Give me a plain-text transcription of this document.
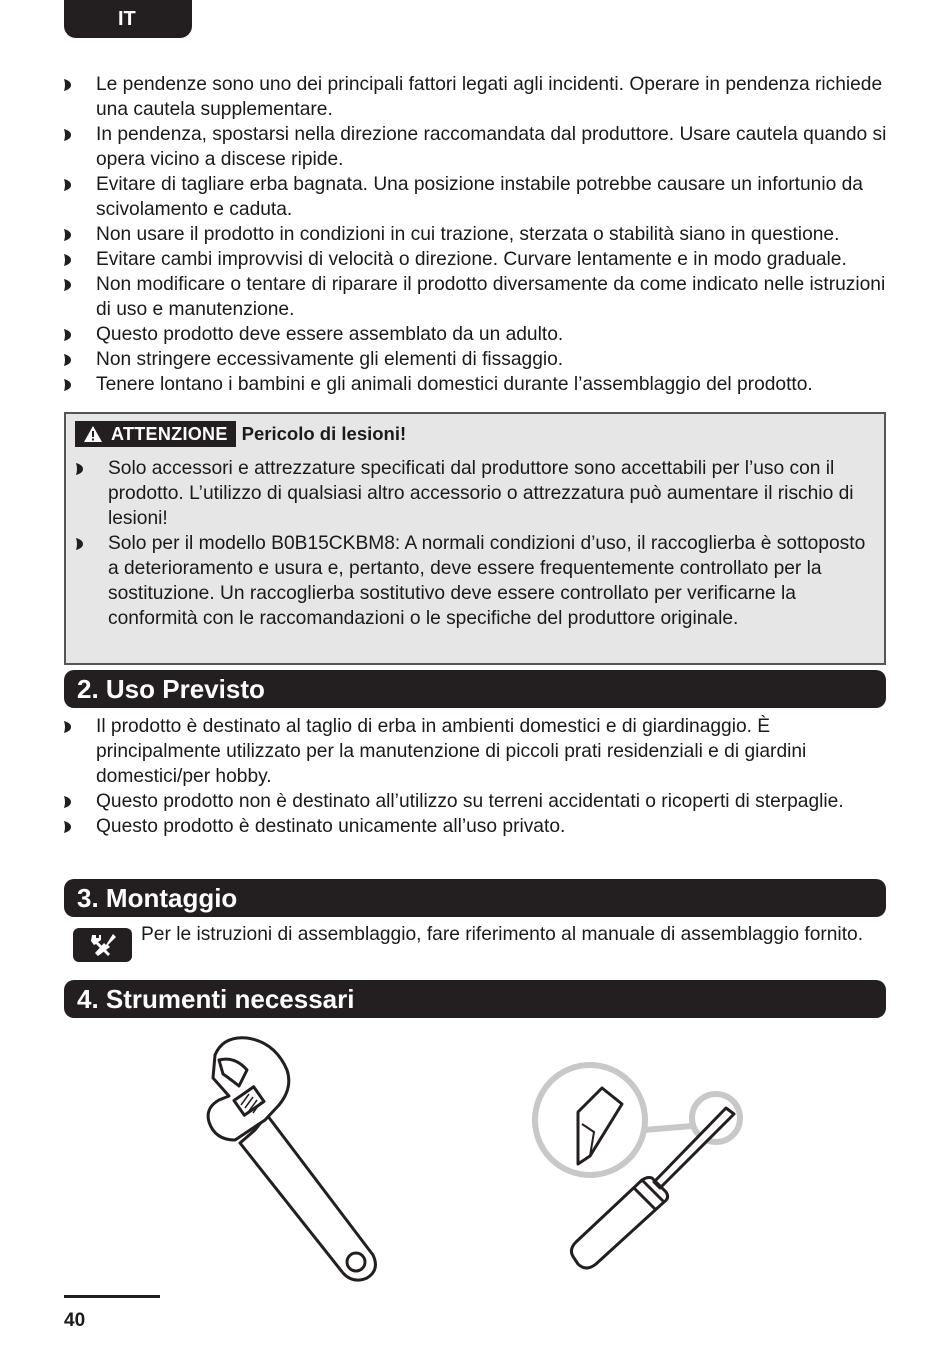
IT
Le pendenze sono uno dei principali fattori legati agli incidenti. Operare in pendenza richiede una cautela supplementare.
In pendenza, spostarsi nella direzione raccomandata dal produttore. Usare cautela quando si opera vicino a discese ripide.
Evitare di tagliare erba bagnata. Una posizione instabile potrebbe causare un infortunio da scivolamento e caduta.
Non usare il prodotto in condizioni in cui trazione, sterzata o stabilità siano in questione.
Evitare cambi improvvisi di velocità o direzione. Curvare lentamente e in modo graduale.
Non modificare o tentare di riparare il prodotto diversamente da come indicato nelle istruzioni di uso e manutenzione.
Questo prodotto deve essere assemblato da un adulto.
Non stringere eccessivamente gli elementi di fissaggio.
Tenere lontano i bambini e gli animali domestici durante l’assemblaggio del prodotto.
ATTENZIONE Pericolo di lesioni!
Solo accessori e attrezzature specificati dal produttore sono accettabili per l’uso con il prodotto. L’utilizzo di qualsiasi altro accessorio o attrezzatura può aumentare il rischio di lesioni!
Solo per il modello B0B15CKBM8: A normali condizioni d’uso, il raccoglierba è sottoposto a deterioramento e usura e, pertanto, deve essere frequentemente controllato per la sostituzione. Un raccoglierba sostitutivo deve essere controllato per verificarne la conformità con le raccomandazioni o le specifiche del produttore originale.
2. Uso Previsto
Il prodotto è destinato al taglio di erba in ambienti domestici e di giardinaggio. È principalmente utilizzato per la manutenzione di piccoli prati residenziali e di giardini domestici/per hobby.
Questo prodotto non è destinato all’utilizzo su terreni accidentati o ricoperti di sterpaglie.
Questo prodotto è destinato unicamente all’uso privato.
3. Montaggio
Per le istruzioni di assemblaggio, fare riferimento al manuale di assemblaggio fornito.
4. Strumenti necessari
40
